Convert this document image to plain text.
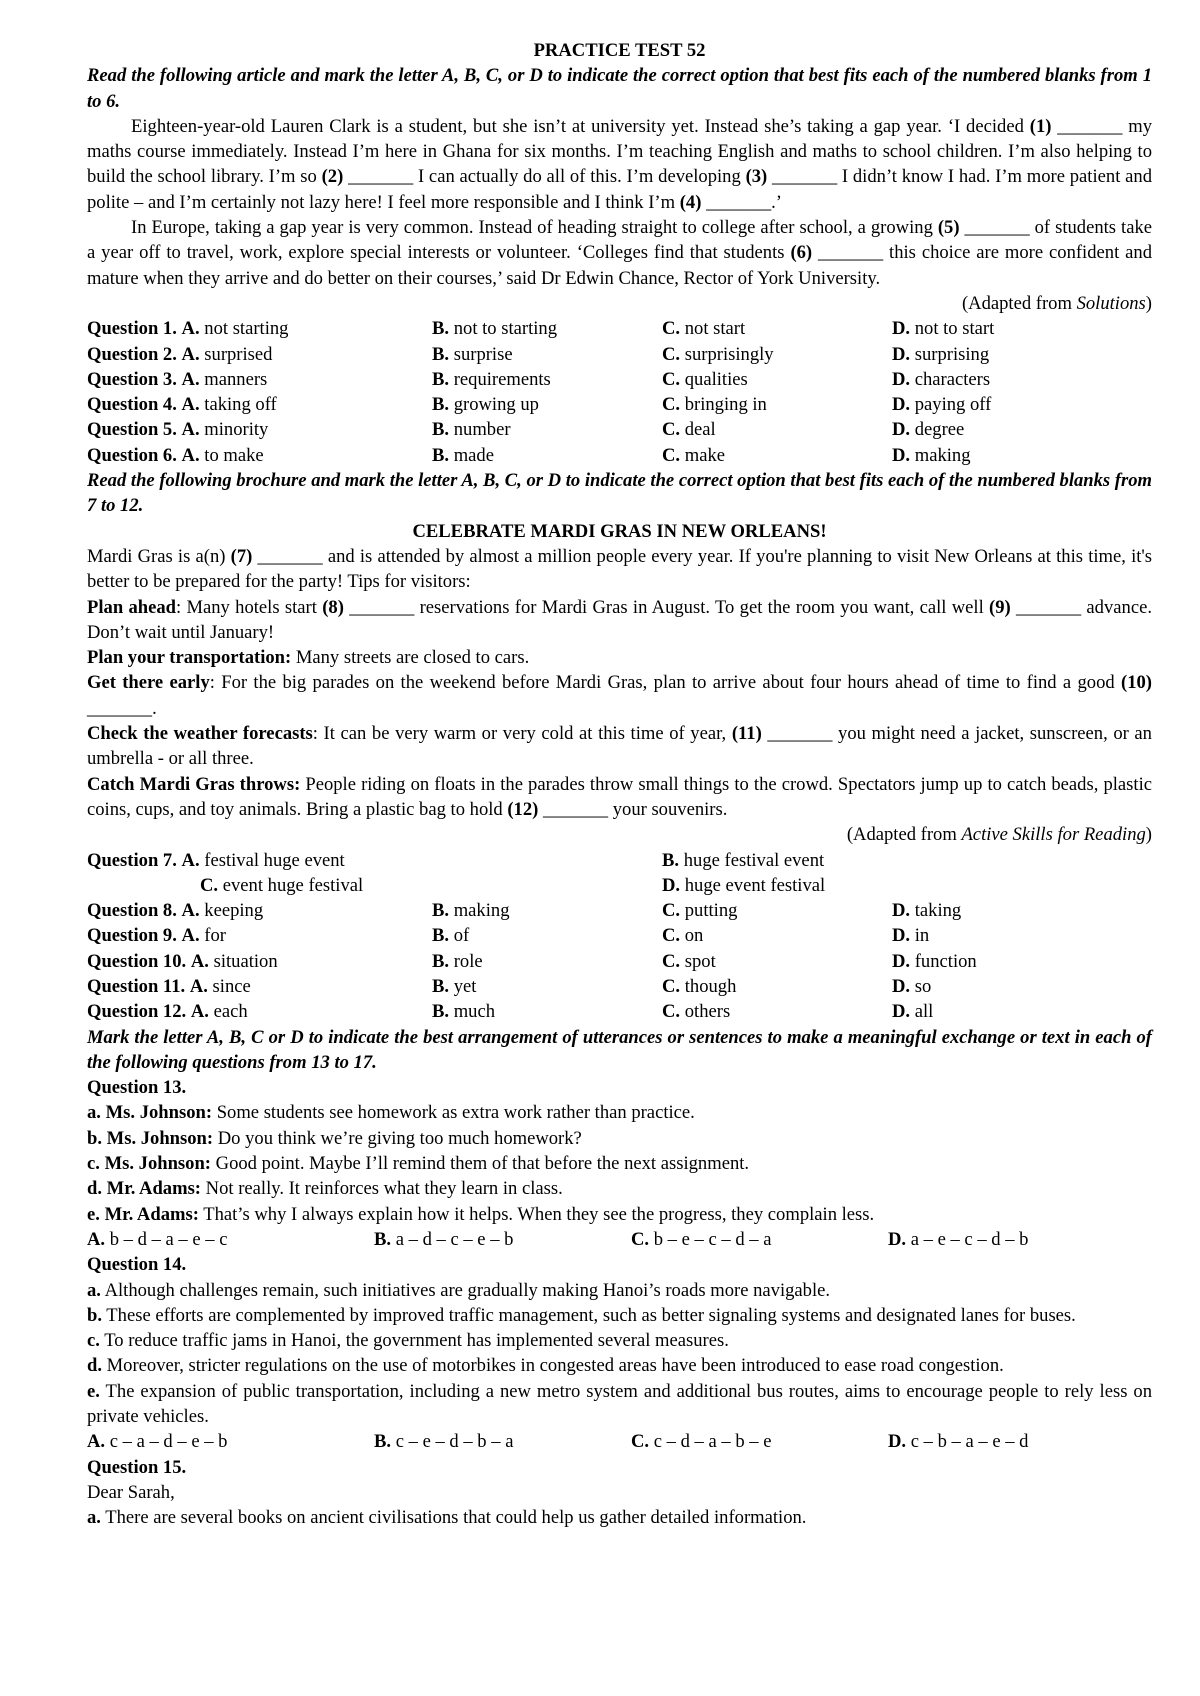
PRACTICE TEST 52

Read the following article and mark the letter A, B, C, or D to indicate the correct option that best fits each of the numbered blanks from 1 to 6.

Eighteen-year-old Lauren Clark is a student, but she isn’t at university yet. Instead she’s taking a gap year. ‘I decided (1) _______ my maths course immediately. Instead I’m here in Ghana for six months. I’m teaching English and maths to school children. I’m also helping to build the school library. I’m so (2) _______ I can actually do all of this. I’m developing (3) _______ I didn’t know I had. I’m more patient and polite – and I’m certainly not lazy here! I feel more responsible and I think I’m (4) _______.’

In Europe, taking a gap year is very common. Instead of heading straight to college after school, a growing (5) _______ of students take a year off to travel, work, explore special interests or volunteer. ‘Colleges find that students (6) _______ this choice are more confident and mature when they arrive and do better on their courses,’ said Dr Edwin Chance, Rector of York University.

(Adapted from Solutions)

Question 1. A. not starting	B. not to starting	C. not start	D. not to start
Question 2. A. surprised	B. surprise	C. surprisingly	D. surprising
Question 3. A. manners	B. requirements	C. qualities	D. characters
Question 4. A. taking off	B. growing up	C. bringing in	D. paying off
Question 5. A. minority	B. number	C. deal	D. degree
Question 6. A. to make	B. made	C. make	D. making

Read the following brochure and mark the letter A, B, C, or D to indicate the correct option that best fits each of the numbered blanks from 7 to 12.

CELEBRATE MARDI GRAS IN NEW ORLEANS!

Mardi Gras is a(n) (7) _______ and is attended by almost a million people every year. If you're planning to visit New Orleans at this time, it's better to be prepared for the party! Tips for visitors:

Plan ahead: Many hotels start (8) _______ reservations for Mardi Gras in August. To get the room you want, call well (9) _______ advance. Don’t wait until January!

Plan your transportation: Many streets are closed to cars.

Get there early: For the big parades on the weekend before Mardi Gras, plan to arrive about four hours ahead of time to find a good (10) _______.

Check the weather forecasts: It can be very warm or very cold at this time of year, (11) _______ you might need a jacket, sunscreen, or an umbrella - or all three.

Catch Mardi Gras throws: People riding on floats in the parades throw small things to the crowd. Spectators jump up to catch beads, plastic coins, cups, and toy animals. Bring a plastic bag to hold (12) _______ your souvenirs.

(Adapted from Active Skills for Reading)

Question 7. A. festival huge event	B. huge festival event
C. event huge festival	D. huge event festival
Question 8. A. keeping	B. making	C. putting	D. taking
Question 9. A. for	B. of	C. on	D. in
Question 10. A. situation	B. role	C. spot	D. function
Question 11. A. since	B. yet	C. though	D. so
Question 12. A. each	B. much	C. others	D. all

Mark the letter A, B, C or D to indicate the best arrangement of utterances or sentences to make a meaningful exchange or text in each of the following questions from 13 to 17.

Question 13.

a. Ms. Johnson: Some students see homework as extra work rather than practice.

b. Ms. Johnson: Do you think we’re giving too much homework?

c. Ms. Johnson: Good point. Maybe I’ll remind them of that before the next assignment.

d. Mr. Adams: Not really. It reinforces what they learn in class.

e. Mr. Adams: That’s why I always explain how it helps. When they see the progress, they complain less.

A. b – d – a – e – c	B. a – d – c – e – b	C. b – e – c – d – a	D. a – e – c – d – b

Question 14.

a. Although challenges remain, such initiatives are gradually making Hanoi’s roads more navigable.

b. These efforts are complemented by improved traffic management, such as better signaling systems and designated lanes for buses.

c. To reduce traffic jams in Hanoi, the government has implemented several measures.

d. Moreover, stricter regulations on the use of motorbikes in congested areas have been introduced to ease road congestion.

e. The expansion of public transportation, including a new metro system and additional bus routes, aims to encourage people to rely less on private vehicles.

A. c – a – d – e – b	B. c – e – d – b – a	C. c – d – a – b – e	D. c – b – a – e – d

Question 15.

Dear Sarah,

a. There are several books on ancient civilisations that could help us gather detailed information.
